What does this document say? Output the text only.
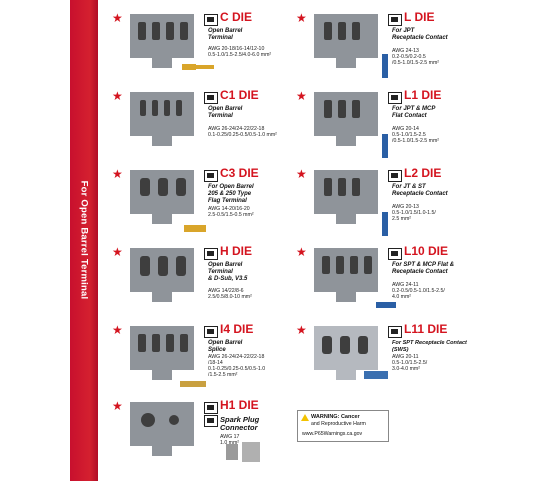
For Open Barrel Terminal
★	C DIE
Open Barrel
Terminal
AWG 20-18/16-14/12-10
0.5-1.0/1.5-2.5/4.0-6.0 mm²
★	C1 DIE
Open Barrel
Terminal
AWG 26-24/24-22/22-18
0.1-0.25/0.25-0.5/0.5-1.0 mm²
★	C3 DIE
For Open Barrel
205 & 250 Type
Flag Terminal
AWG 14-20/16-20
2.5-0.5/1.5-0.5 mm²
★	H DIE
Open Barrel
Terminal
& D-Sub, V3.5
AWG 14/22/8-6
2.5/0.5/8.0-10 mm²
★	I4 DIE
Open Barrel
Splice
AWG 26-24/24-22/22-18
/18-14
0.1-0.25/0.25-0.5/0.5-1.0
/1.5-2.5 mm²
★	H1 DIE
Spark Plug
Connector
AWG 17
1.0 mm²
★	L DIE
For JPT
Receptacle Contact
AWG 24-13
0.2-0.5/0.2-0.5
/0.5-1.0/1.5-2.5 mm²
★	L1 DIE
For JPT & MCP
Flat Contact
AWG 20-14
0.5-1.0/1.5-2.5
/0.5-1.0/1.5-2.5 mm²
★	L2 DIE
For JT & ST
Receptacle Contact
AWG 20-13
0.5-1.0/1.5/1.0-1.5/
2.5 mm²
★	L10 DIE
For SPT & MCP Flat &
Receptacle Contact
AWG 24-11
0.2-0.5/0.5-1.0/1.5-2.5/
4.0 mm²
★	L11 DIE
For SPT Receptacle Contact
(SWS)
AWG 20-11
0.5-1.0/1.5-2.5/
3.0-4.0 mm²
WARNING: Cancer
and Reproductive Harm
www.P65Warnings.ca.gov
